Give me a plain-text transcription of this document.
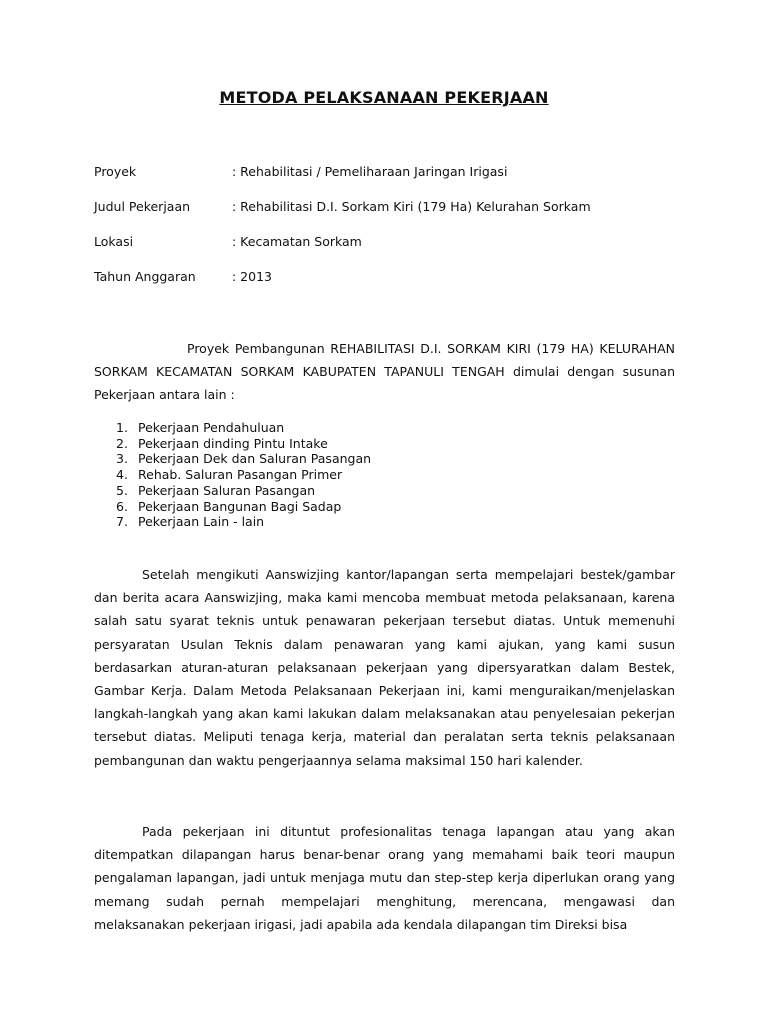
METODA PELAKSANAAN PEKERJAAN
Proyek	: Rehabilitasi / Pemeliharaan Jaringan Irigasi
Judul Pekerjaan	: Rehabilitasi D.I. Sorkam Kiri (179 Ha) Kelurahan Sorkam
Lokasi	: Kecamatan Sorkam
Tahun Anggaran	: 2013
Proyek Pembangunan REHABILITASI D.I. SORKAM KIRI (179 HA) KELURAHAN SORKAM KECAMATAN SORKAM KABUPATEN TAPANULI TENGAH dimulai dengan susunan Pekerjaan antara lain :
1. Pekerjaan Pendahuluan
2. Pekerjaan dinding Pintu Intake
3. Pekerjaan Dek dan Saluran Pasangan
4. Rehab. Saluran Pasangan Primer
5. Pekerjaan Saluran Pasangan
6. Pekerjaan Bangunan Bagi Sadap
7. Pekerjaan Lain - lain
Setelah mengikuti Aanswizjing kantor/lapangan serta mempelajari bestek/gambar dan berita acara Aanswizjing, maka kami mencoba membuat metoda pelaksanaan, karena salah satu syarat teknis untuk penawaran pekerjaan tersebut diatas. Untuk memenuhi persyaratan Usulan Teknis dalam penawaran yang kami ajukan, yang kami susun berdasarkan aturan-aturan pelaksanaan pekerjaan yang dipersyaratkan dalam Bestek, Gambar Kerja. Dalam Metoda Pelaksanaan Pekerjaan ini, kami menguraikan/menjelaskan langkah-langkah yang akan kami lakukan dalam melaksanakan atau penyelesaian pekerjan tersebut diatas. Meliputi tenaga kerja, material dan peralatan serta teknis pelaksanaan pembangunan dan waktu pengerjaannya selama maksimal 150 hari kalender.
Pada pekerjaan ini dituntut profesionalitas tenaga lapangan atau yang akan ditempatkan dilapangan harus benar-benar orang yang memahami baik teori maupun pengalaman lapangan, jadi untuk menjaga mutu dan step-step kerja diperlukan orang yang memang sudah pernah mempelajari menghitung, merencana, mengawasi dan melaksanakan pekerjaan irigasi, jadi apabila ada kendala dilapangan tim Direksi bisa
